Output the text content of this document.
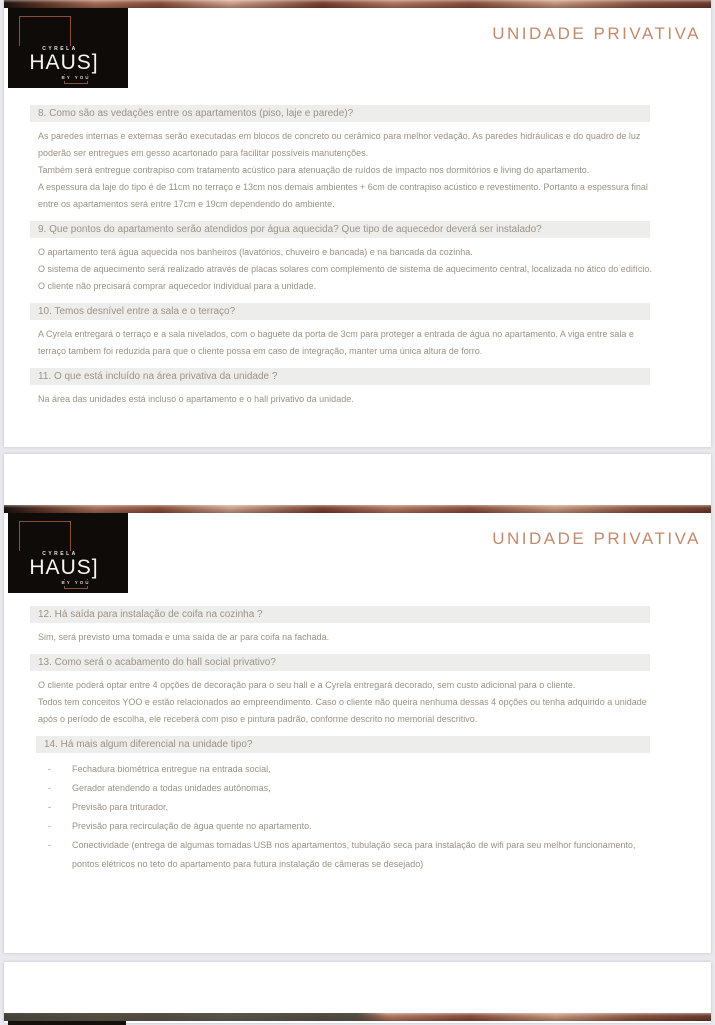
CYRELA
HAUS]
BY YOU
UNIDADE PRIVATIVA
8. Como são as vedações entre os apartamentos (piso, laje e parede)?
As paredes internas e externas serão executadas em blocos de concreto ou cerâmico para melhor vedação. As paredes hidráulicas e do quadro de luz
poderão ser entregues em gesso acartonado para facilitar possíveis manutenções.
Também será entregue contrapiso com tratamento acústico para atenuação de ruídos de impacto nos dormitórios e living do apartamento.
A espessura da laje do tipo é de 11cm no terraço e 13cm nos demais ambientes + 6cm de contrapiso acústico e revestimento. Portanto a espessura final
entre os apartamentos será entre 17cm e 19cm dependendo do ambiente.
9. Que pontos do apartamento serão atendidos por água aquecida? Que tipo de aquecedor deverá ser instalado?
O apartamento terá água aquecida nos banheiros (lavatórios, chuveiro e bancada) e na bancada da cozinha.
O sistema de aquecimento será realizado através de placas solares com complemento de sistema de aquecimento central, localizada no ático do edifício.
O cliente não precisará comprar aquecedor individual para a unidade.
10. Temos desnível entre a sala e o terraço?
A Cyrela entregará o terraço e a sala nivelados, com o baguete da porta de 3cm para proteger a entrada de água no apartamento. A viga entre sala e
terraço também foi reduzida para que o cliente possa em caso de integração, manter uma única altura de forro.
11. O que está incluído na área privativa da unidade ?
Na área das unidades está incluso o apartamento e o hall privativo da unidade.
CYRELA
HAUS]
BY YOU
UNIDADE PRIVATIVA
12. Há saída para instalação de coifa na cozinha ?
Sim, será previsto uma tomada e uma saída de ar para coifa na fachada.
13. Como será o acabamento do hall social privativo?
O cliente poderá optar entre 4 opções de decoração para o seu hall e a Cyrela entregará decorado, sem custo adicional para o cliente.
Todos tem conceitos YOO e estão relacionados ao empreendimento. Caso o cliente não queira nenhuma dessas 4 opções ou tenha adquirido a unidade
após o período de escolha, ele receberá com piso e pintura padrão, conforme descrito no memorial descritivo.
14. Há mais algum diferencial na unidade tipo?
-	Fechadura biométrica entregue na entrada social,
-	Gerador atendendo a todas unidades autônomas,
-	Previsão para triturador,
-	Previsão para recirculação de água quente no apartamento.
-	Conectividade (entrega de algumas tomadas USB nos apartamentos, tubulação seca para instalação de wifi para seu melhor funcionamento,
pontos elétricos no teto do apartamento para futura instalação de câmeras se desejado)
